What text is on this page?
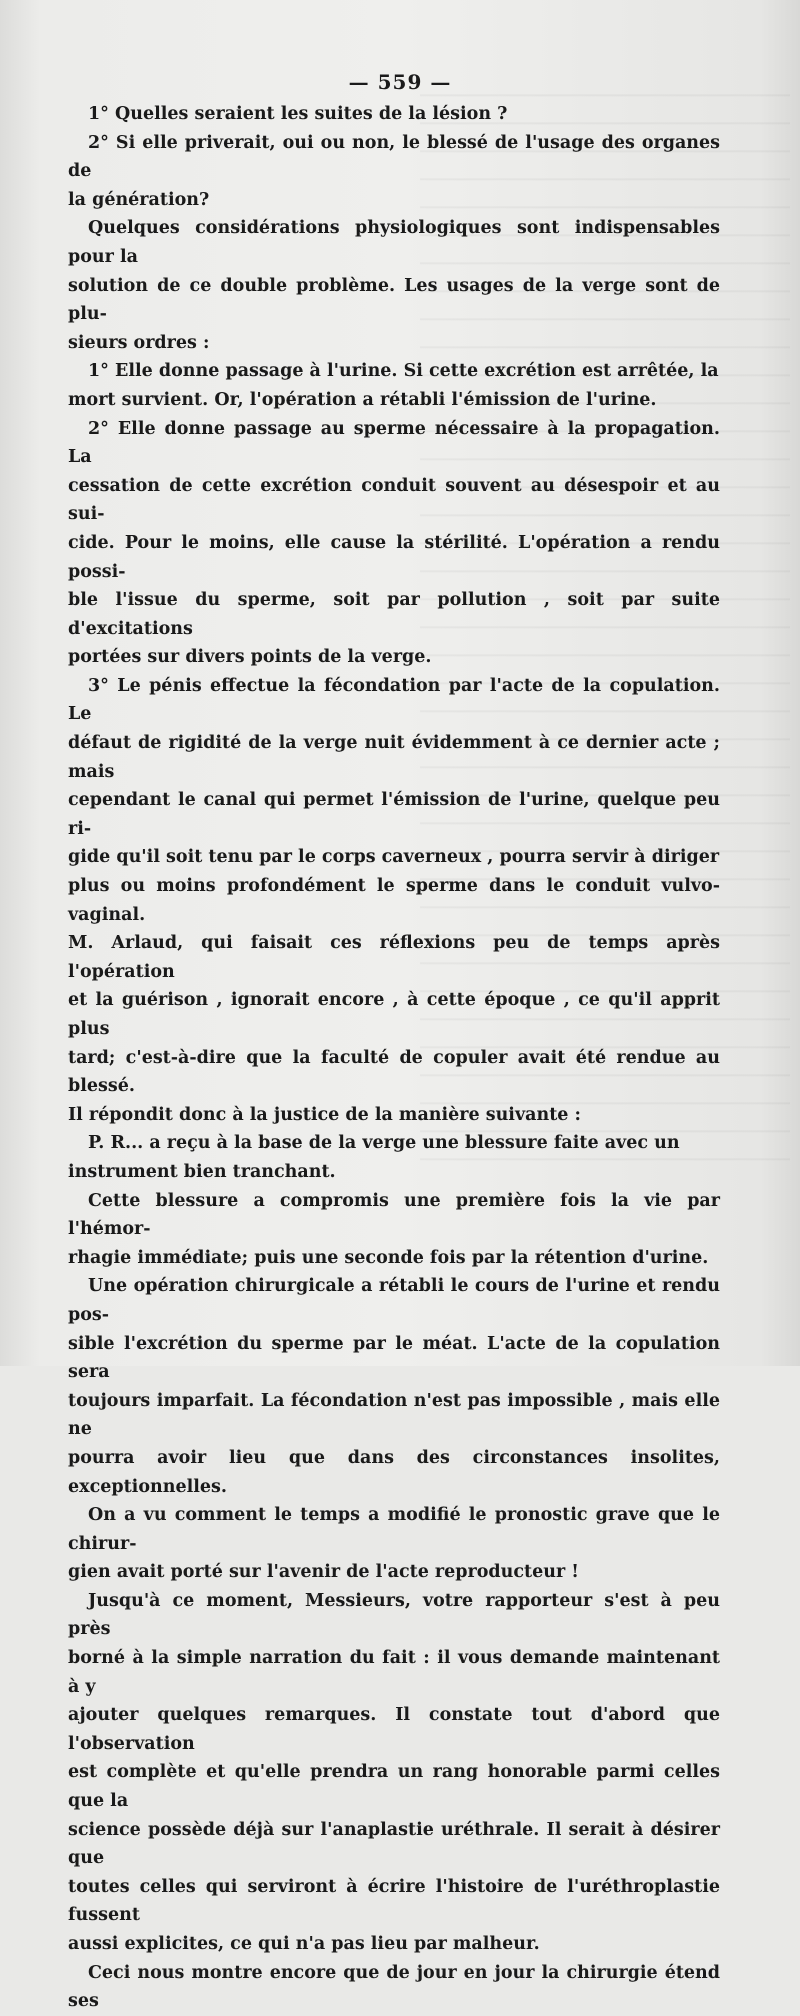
— 559 —

1° Quelles seraient les suites de la lésion ?

2° Si elle priverait, oui ou non, le blessé de l'usage des organes de

la génération?

Quelques considérations physiologiques sont indispensables pour la

solution de ce double problème. Les usages de la verge sont de plu-

sieurs ordres :

1° Elle donne passage à l'urine. Si cette excrétion est arrêtée, la

mort survient. Or, l'opération a rétabli l'émission de l'urine.

2° Elle donne passage au sperme nécessaire à la propagation. La

cessation de cette excrétion conduit souvent au désespoir et au sui-

cide. Pour le moins, elle cause la stérilité. L'opération a rendu possi-

ble l'issue du sperme, soit par pollution , soit par suite d'excitations

portées sur divers points de la verge.

3° Le pénis effectue la fécondation par l'acte de la copulation. Le

défaut de rigidité de la verge nuit évidemment à ce dernier acte ; mais

cependant le canal qui permet l'émission de l'urine, quelque peu ri-

gide qu'il soit tenu par le corps caverneux , pourra servir à diriger

plus ou moins profondément le sperme dans le conduit vulvo-vaginal.

M. Arlaud, qui faisait ces réflexions peu de temps après l'opération

et la guérison , ignorait encore , à cette époque , ce qu'il apprit plus

tard; c'est-à-dire que la faculté de copuler avait été rendue au blessé.

Il répondit donc à la justice de la manière suivante :

P. R... a reçu à la base de la verge une blessure faite avec un

instrument bien tranchant.

Cette blessure a compromis une première fois la vie par l'hémor-

rhagie immédiate; puis une seconde fois par la rétention d'urine.

Une opération chirurgicale a rétabli le cours de l'urine et rendu pos-

sible l'excrétion du sperme par le méat. L'acte de la copulation sera

toujours imparfait. La fécondation n'est pas impossible , mais elle ne

pourra avoir lieu que dans des circonstances insolites, exceptionnelles.

On a vu comment le temps a modifié le pronostic grave que le chirur-

gien avait porté sur l'avenir de l'acte reproducteur !

Jusqu'à ce moment, Messieurs, votre rapporteur s'est à peu près

borné à la simple narration du fait : il vous demande maintenant à y

ajouter quelques remarques. Il constate tout d'abord que l'observation

est complète et qu'elle prendra un rang honorable parmi celles que la

science possède déjà sur l'anaplastie uréthrale. Il serait à désirer que

toutes celles qui serviront à écrire l'histoire de l'uréthroplastie fussent

aussi explicites, ce qui n'a pas lieu par malheur.

Ceci nous montre encore que de jour en jour la chirurgie étend ses
